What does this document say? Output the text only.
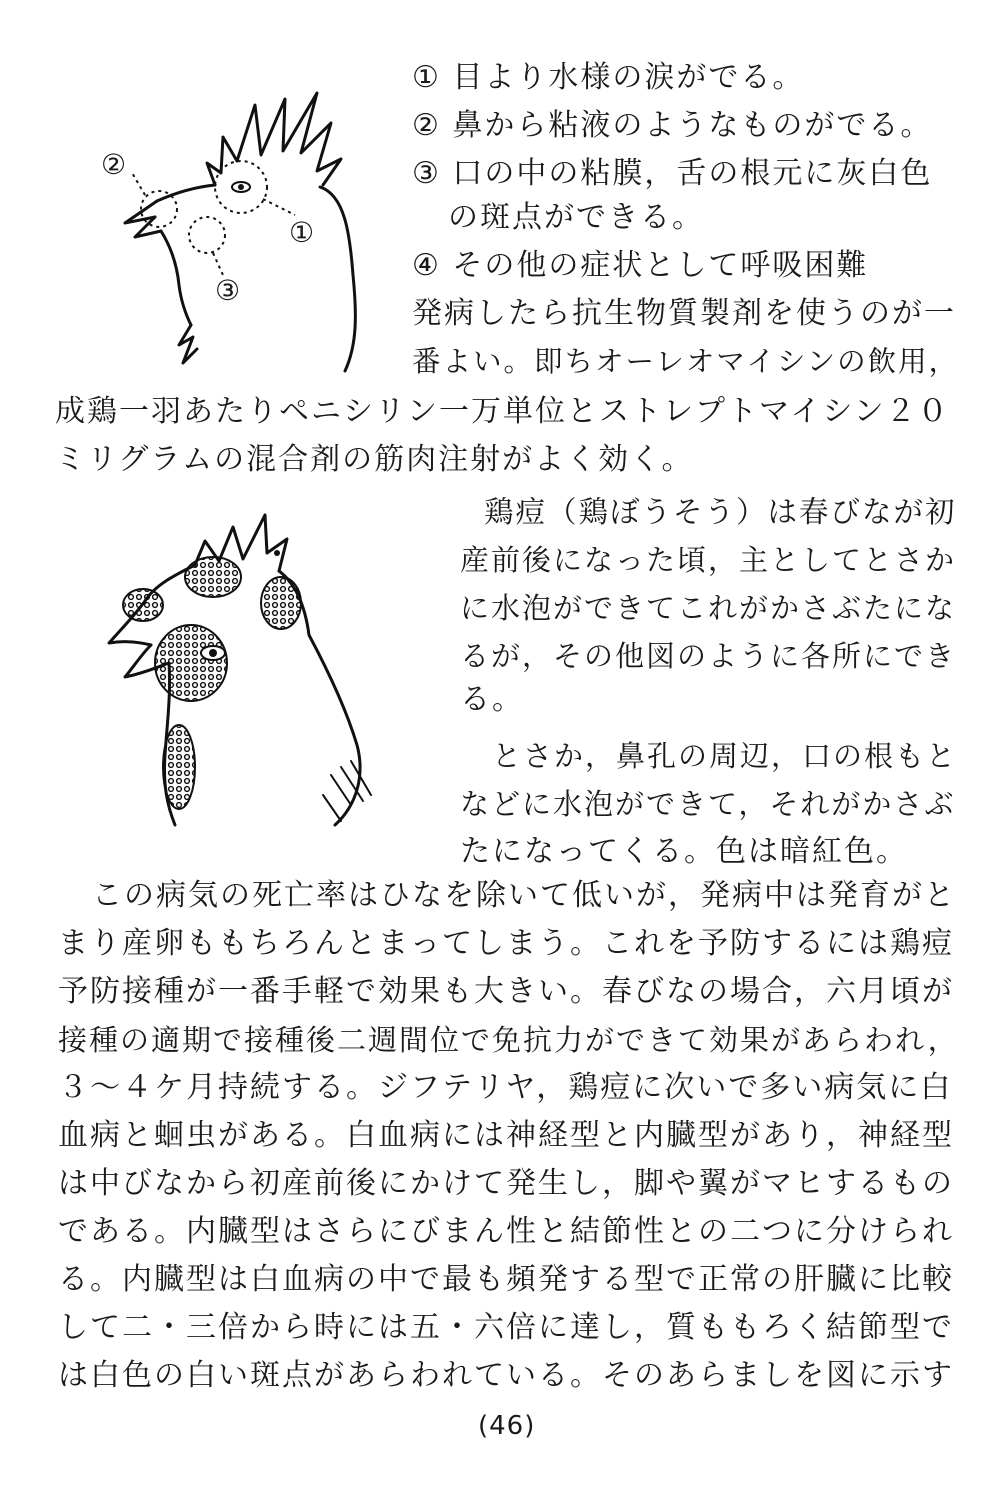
①
②
③
① 目より水様の涙がでる。
② 鼻から粘液のようなものがでる。
③ 口の中の粘膜，舌の根元に灰白色
の斑点ができる。
④ その他の症状として呼吸困難
発病したら抗生物質製剤を使うのが一
番よい。即ちオーレオマイシンの飲用，
成鶏一羽あたりペニシリン一万単位とストレプトマイシン２０
ミリグラムの混合剤の筋肉注射がよく効く。
鶏痘（鶏ぼうそう）は春びなが初
産前後になった頃，主としてとさか
に水泡ができてこれがかさぶたにな
るが，その他図のように各所にでき
る。
とさか，鼻孔の周辺，口の根もと
などに水泡ができて，それがかさぶ
たになってくる。色は暗紅色。
この病気の死亡率はひなを除いて低いが，発病中は発育がと
まり産卵ももちろんとまってしまう。これを予防するには鶏痘
予防接種が一番手軽で効果も大きい。春びなの場合，六月頃が
接種の適期で接種後二週間位で免抗力ができて効果があらわれ，
３～４ケ月持続する。ジフテリヤ，鶏痘に次いで多い病気に白
血病と蛔虫がある。白血病には神経型と内臓型があり，神経型
は中びなから初産前後にかけて発生し，脚や翼がマヒするもの
である。内臓型はさらにびまん性と結節性との二つに分けられ
る。内臓型は白血病の中で最も頻発する型で正常の肝臓に比較
して二・三倍から時には五・六倍に達し，質ももろく結節型で
は白色の白い斑点があらわれている。そのあらましを図に示す
(46)
